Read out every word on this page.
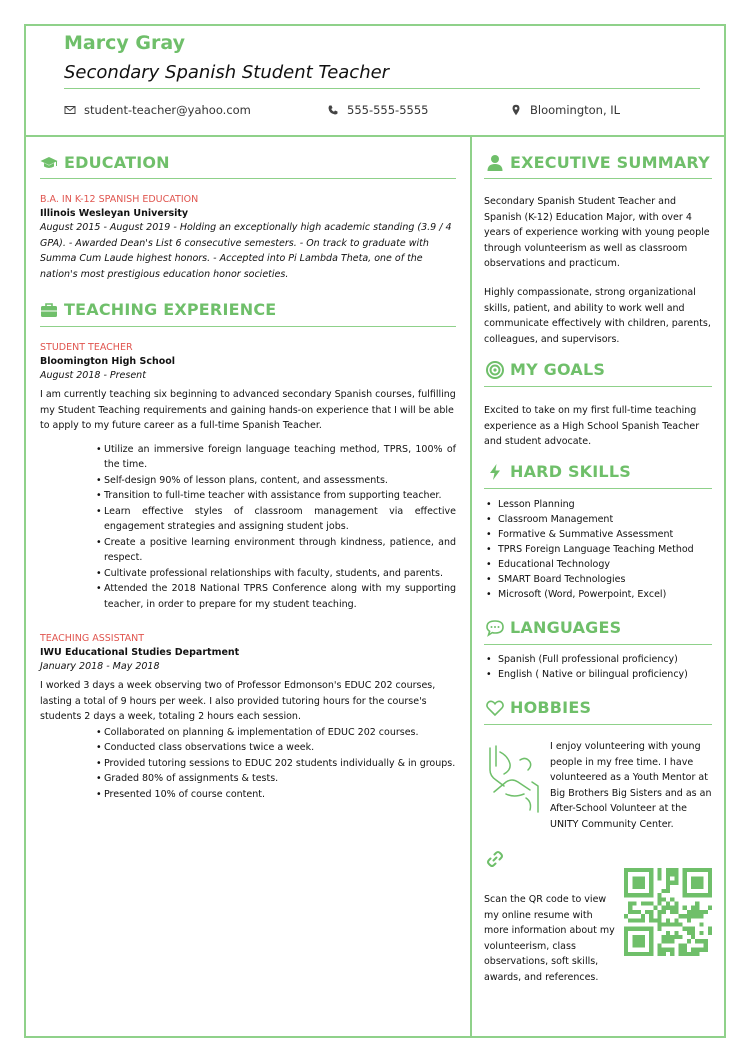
Marcy Gray
Secondary Spanish Student Teacher
student-teacher@yahoo.com	555-555-5555	Bloomington, IL
EDUCATION
B.A. IN K-12 SPANISH EDUCATION
Illinois Wesleyan University
August 2015 - August 2019 - Holding an exceptionally high academic standing (3.9 / 4 GPA). - Awarded Dean's List 6 consecutive semesters. - On track to graduate with Summa Cum Laude highest honors. - Accepted into Pi Lambda Theta, one of the nation's most prestigious education honor societies.
TEACHING EXPERIENCE
STUDENT TEACHER
Bloomington High School
August 2018 - Present
I am currently teaching six beginning to advanced secondary Spanish courses, fulfilling my Student Teaching requirements and gaining hands-on experience that I will be able to apply to my future career as a full-time Spanish Teacher.
• Utilize an immersive foreign language teaching method, TPRS, 100% of the time.
• Self-design 90% of lesson plans, content, and assessments.
• Transition to full-time teacher with assistance from supporting teacher.
• Learn effective styles of classroom management via effective engagement strategies and assigning student jobs.
• Create a positive learning environment through kindness, patience, and respect.
• Cultivate professional relationships with faculty, students, and parents.
• Attended the 2018 National TPRS Conference along with my supporting teacher, in order to prepare for my student teaching.
TEACHING ASSISTANT
IWU Educational Studies Department
January 2018 - May 2018
I worked 3 days a week observing two of Professor Edmonson's EDUC 202 courses, lasting a total of 9 hours per week. I also provided tutoring hours for the course's students 2 days a week, totaling 2 hours each session.
• Collaborated on planning & implementation of EDUC 202 courses.
• Conducted class observations twice a week.
• Provided tutoring sessions to EDUC 202 students individually & in groups.
• Graded 80% of assignments & tests.
• Presented 10% of course content.
EXECUTIVE SUMMARY
Secondary Spanish Student Teacher and Spanish (K-12) Education Major, with over 4 years of experience working with young people through volunteerism as well as classroom observations and practicum.
Highly compassionate, strong organizational skills, patient, and ability to work well and communicate effectively with children, parents, colleagues, and supervisors.
MY GOALS
Excited to take on my first full-time teaching experience as a High School Spanish Teacher and student advocate.
HARD SKILLS
• Lesson Planning
• Classroom Management
• Formative & Summative Assessment
• TPRS Foreign Language Teaching Method
• Educational Technology
• SMART Board Technologies
• Microsoft (Word, Powerpoint, Excel)
LANGUAGES
• Spanish (Full professional proficiency)
• English ( Native or bilingual proficiency)
HOBBIES
I enjoy volunteering with young people in my free time. I have volunteered as a Youth Mentor at Big Brothers Big Sisters and as an After-School Volunteer at the UNITY Community Center.
Scan the QR code to view my online resume with more information about my volunteerism, class observations, soft skills, awards, and references.
